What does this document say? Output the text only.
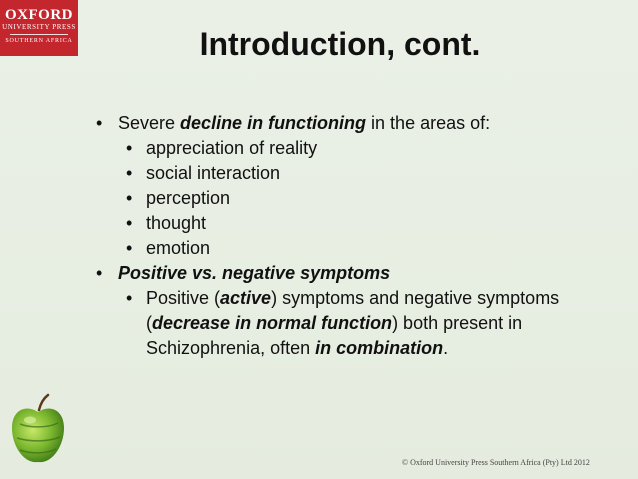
OXFORD
UNIVERSITY PRESS
SOUTHERN AFRICA	Introduction, cont.
• Severe decline in functioning in the areas of:
• appreciation of reality
• social interaction
• perception
• thought
• emotion
• Positive vs. negative symptoms
• Positive (active) symptoms and negative symptoms (decrease in normal function) both present in Schizophrenia, often in combination.
© Oxford University Press Southern Africa (Pty) Ltd 2012
